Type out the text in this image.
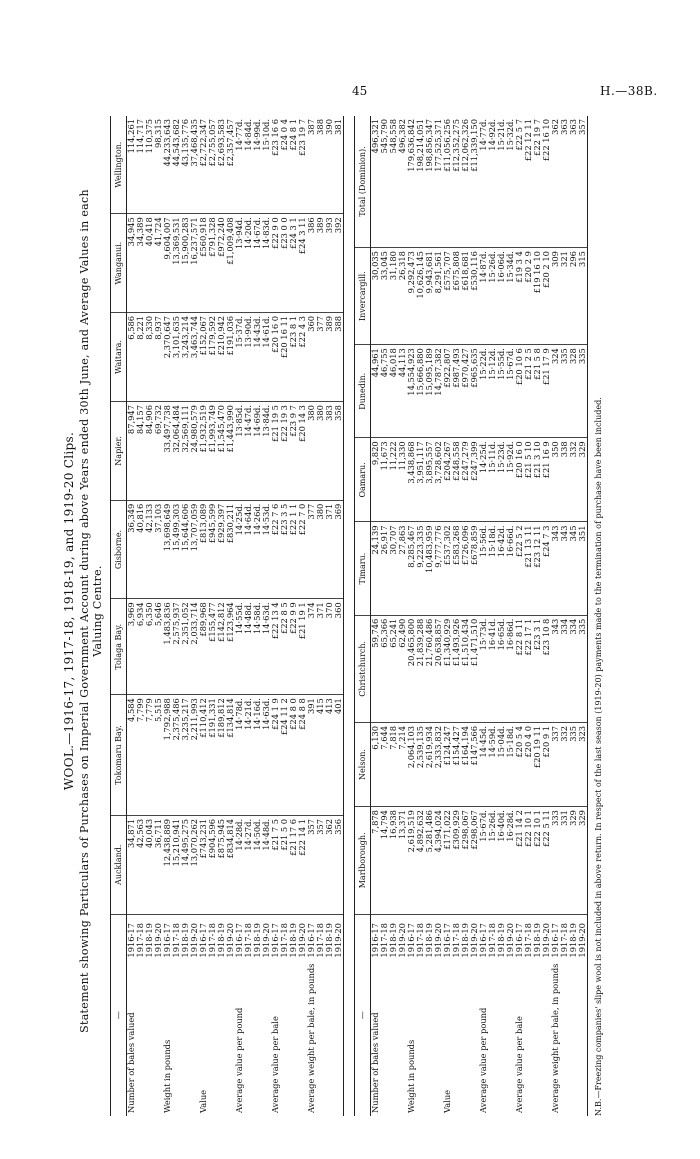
45	H.—38B.
WOOL.—1916-17, 1917-18, 1918-19, and 1919-20 Clips. Statement showing Particulars of Purchases on Imperial Government Account during above Years ended 30th June, and Average Values in each Valuing Centre.
—		Auckland.	Tokomaru Bay.	Tolaga Bay.	Gisborne.	Napier.	Waitara.	Wanganui.	Wellington.
Number of bales valued	1916-17	34,871	4,584	3,969	36,349	87,947	6,586	34,945	114,261
	1917-18	42,563	7,799	6,934	40,816	84,157	8,221	34,389	114,717
	1918-19	40,043	7,779	6,350	42,133	84,906	8,330	40,418	110,375
	1919-20	36,711	5,515	5,646	37,103	69,732	8,937	41,724	98,315
Weight in pounds	1916-17	12,438,889	1,792,988	1,483,836	13,698,649	33,497,738	2,370,647	9,604,007	44,233,643
	1917-18	15,210,941	2,375,486	2,575,937	15,499,303	32,064,484	3,101,635	13,369,531	44,543,682
	1918-19	14,495,275	3,235,217	2,351,052	15,644,606	32,569,111	3,243,214	15,900,283	43,135,776
	1919-20	13,070,262	2,211,993	2,033,714	13,707,059	24,980,579	3,463,744	16,237,571	37,468,435
Value	1916-17	£743,231	£110,412	£89,968	£813,089	£1,932,519	£152,067	£560,918	£2,722,347
	1917-18	£904,596	£191,331	£155,477	£945,599	£1,993,749	£179,592	£791,328	£2,755,057
	1918-19	£875,945	£189,812	£142,812	£929,397	£1,545,470	£210,942	£972,240	£2,693,583
	1919-20	£834,814	£134,814	£123,964	£830,211	£1,443,990	£191,036	£1,009,408	£2,357,457
Average value per pound	1916-17	14·28d.	14·78d.	14·55d.	14·25d.	13·85d.	15·37d.	13·94d.	14·77d.
	1917-18	14·27d.	14·21d.	14·48d.	14·64d.	14·47d.	13·90d.	14·20d.	14·84d.
	1918-19	14·50d.	14·16d.	14·58d.	14·26d.	14·69d.	14·43d.	14·67d.	14·99d.
	1919-20	14·48d.	14·63d.	14·63d.	14·53d.	13·84d.	14·61d.	14·83d.	15·10d.
Average value per bale	1916-17	£21 7 5	£24 1 9	£22 13 4	£22 7 6	£21 19 5	£20 16 0	£22 9 0	£23 16 6
	1917-18	£21 5 0	£24 11 2	£22 8 5	£23 3 5	£22 19 3	£20 16 11	£23 0 0	£24 0 4
	1918-19	£21 17 6	£24 8 0	£22 9 9	£22 1 1	£23 9 7	£23 8 1	£24 3 1	£24 8 1
	1919-20	£22 14 1	£24 8 8	£21 19 1	£22 7 0	£20 14 3	£22 4 3	£24 3 11	£23 19 7
Average weight per bale, in pounds	1916-17	357	391	374	377	380	360	386	387
	1917-18	357	415	371	380	380	377	389	388
	1918-19	362	413	370	371	383	389	393	390
	1919-20	356	401	360	369	358	388	392	381
—		Marlborough.	Nelson.	Christchurch.	Timaru.	Oamaru.	Dunedin.	Invercargill.	Total (Dominion).
Number of bales valued	1916-17	7,878	6,130	59,746	24,139	9,820	44,961	30,035	496,321
	1917-18	14,794	7,644	65,366	26,917	11,673	46,755	33,045	545,790
	1918-19	16,938	7,818	65,241	30,707	11,222	46,018	31,180	548,558
	1919-20	13,371	7,214	62,490	27,863	11,330	44,113	26,318	496,382
Weight in pounds	1916-17	2,619,519	2,064,103	20,465,800	8,285,467	3,438,868	14,554,923	9,292,473	179,636,842
	1917-18	4,892,632	2,539,135	21,839,288	9,223,335	3,951,117	15,666,880	10,626,145	198,214,051
	1918-19	5,281,486	2,619,934	21,760,486	10,483,959	3,895,557	15,095,189	9,943,681	198,856,347
	1919-20	4,394,024	2,333,832	20,638,857	9,777,776	3,728,602	14,787,382	8,291,561	177,525,371
Value	1916-17	£171,022	£124,247	£1,340,929	£537,302	£204,267	£922,807	£575,707	£11,056,256
	1917-18	£309,929	£154,427	£1,493,926	£583,268	£248,558	£987,493	£675,808	£12,352,275
	1918-19	£298,067	£164,194	£1,510,434	£726,096	£247,279	£970,427	£618,681	£12,062,326
	1919-20	£298,067	£147,566	£1,471,510	£678,859	£247,399	£965,635	£530,116	£11,339,150
Average value per pound	1916-17	15·67d.	14·45d.	15·73d.	15·56d.	14·25d.	15·22d.	14·87d.	14·77d.
	1917-18	15·26d.	14·59d.	16·41d.	15·18d.	15·11d.	15·12d.	15·26d.	14·92d.
	1918-19	16·40d.	15·04d.	16·65d.	16·42d.	15·23d.	15·55d.	16·06d.	15·21d.
	1919-20	16·28d.	15·18d.	16·86d.	16·66d.	15·92d.	15·67d.	15·34d.	15·32d.
Average value per bale	1916-17	£21 14 2	£20 5 4	£22 8 11	£22 5 2	£20 16 0	£20 10 6	£19 3 4	£22 5 7
	1917-18	£22 10 1	£20 4 0	£22 17 1	£21 13 11	£21 5 10	£21 2 5	£20 2 9	£22 12 11
	1918-19	£22 10 1	£20 19 11	£23 3 1	£23 12 11	£21 3 10	£21 5 8	£19 16 10	£22 19 7
	1919-20	£22 5 11	£20 9 1	£23 10 8	£24 7 3	£21 16 9	£21 17 9	£20 2 10	£22 16 10
Average weight per bale, in pounds	1916-17	333	337	343	343	350	324	309	362
	1917-18	331	332	334	343	338	335	321	363
	1918-19	329	335	334	345	332	328	296	363
	1919-20	329	323	335	351	329	335	315	357
N.B.—Freezing companies' slipe wool is not included in above return. In respect of the last season (1919-20) payments made to the termination of purchase have been included.
